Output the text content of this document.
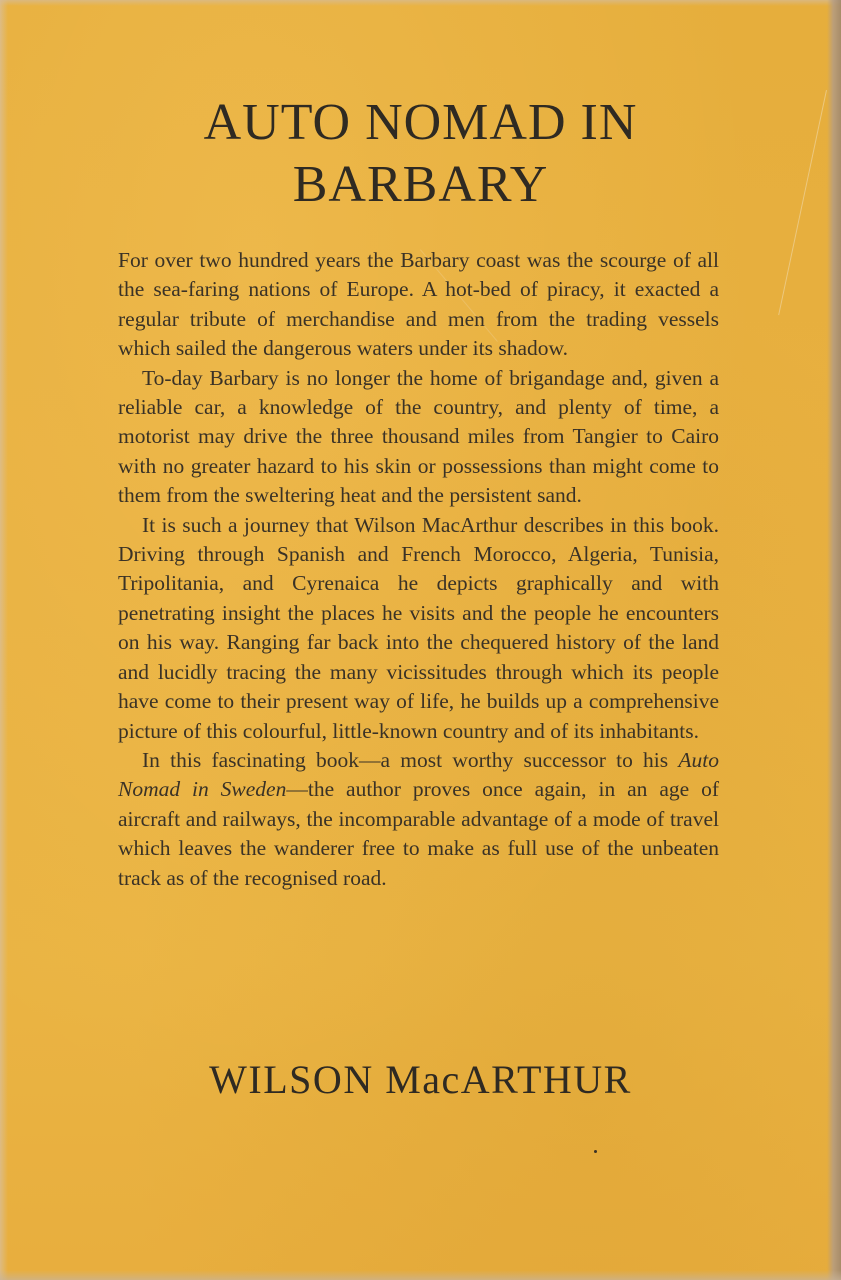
AUTO NOMAD IN
BARBARY

For over two hundred years the Barbary coast was the scourge of all the sea-faring nations of Europe. A hot-bed of piracy, it exacted a regular tribute of merchandise and men from the trading vessels which sailed the dangerous waters under its shadow.

To-day Barbary is no longer the home of brigandage and, given a reliable car, a knowledge of the country, and plenty of time, a motorist may drive the three thousand miles from Tangier to Cairo with no greater hazard to his skin or possessions than might come to them from the sweltering heat and the persistent sand.

It is such a journey that Wilson MacArthur describes in this book. Driving through Spanish and French Morocco, Algeria, Tunisia, Tripolitania, and Cyrenaica he depicts graphically and with penetrating insight the places he visits and the people he encounters on his way. Ranging far back into the chequered history of the land and lucidly tracing the many vicissitudes through which its people have come to their present way of life, he builds up a comprehensive picture of this colourful, little-known country and of its inhabitants.

In this fascinating book—a most worthy successor to his Auto Nomad in Sweden—the author proves once again, in an age of aircraft and railways, the incomparable advantage of a mode of travel which leaves the wanderer free to make as full use of the unbeaten track as of the recognised road.

WILSON MacARTHUR
